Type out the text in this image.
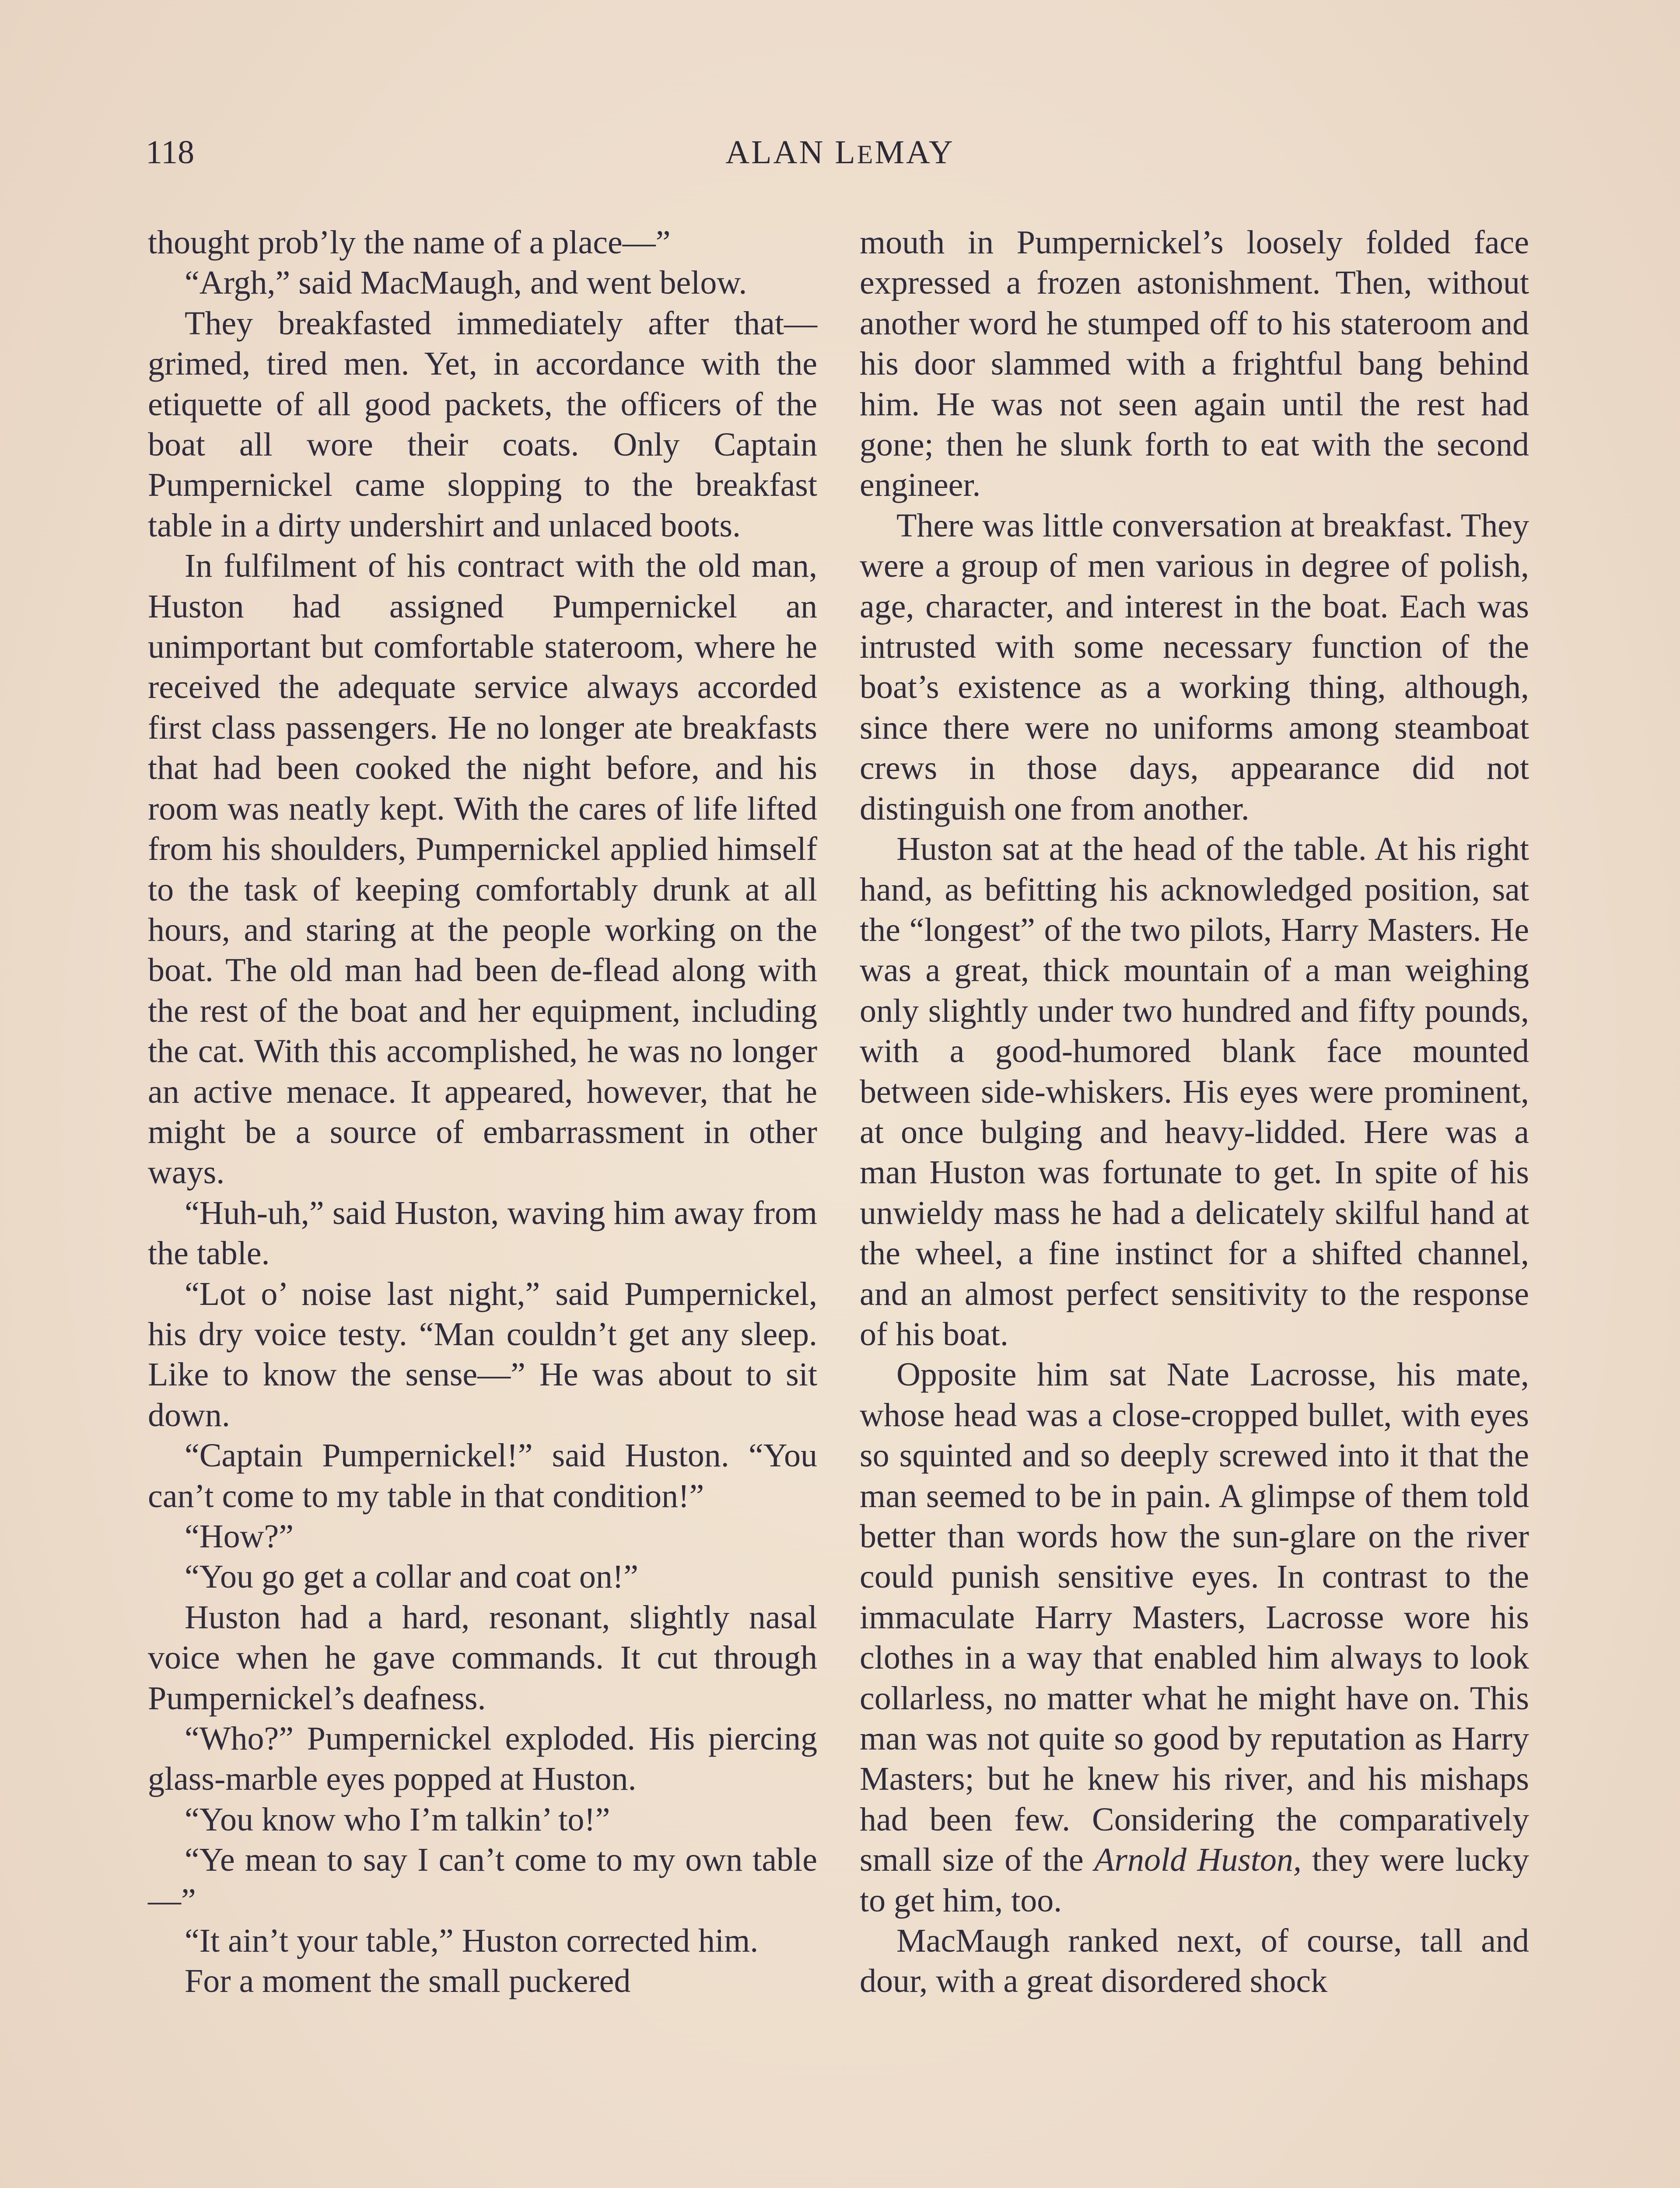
118	ALAN LEMAY

thought prob’ly the name of a place—”

“Argh,” said MacMaugh, and went below.

They breakfasted immediately after that—grimed, tired men. Yet, in accordance with the etiquette of all good packets, the officers of the boat all wore their coats. Only Captain Pumpernickel came slopping to the breakfast table in a dirty undershirt and unlaced boots.

In fulfilment of his contract with the old man, Huston had assigned Pumpernickel an unimportant but comfortable stateroom, where he received the adequate service always accorded first class passengers. He no longer ate breakfasts that had been cooked the night before, and his room was neatly kept. With the cares of life lifted from his shoulders, Pumpernickel applied himself to the task of keeping comfortably drunk at all hours, and staring at the people working on the boat. The old man had been de-flead along with the rest of the boat and her equipment, including the cat. With this accomplished, he was no longer an active menace. It appeared, however, that he might be a source of embarrassment in other ways.

“Huh-uh,” said Huston, waving him away from the table.

“Lot o’ noise last night,” said Pumpernickel, his dry voice testy. “Man couldn’t get any sleep. Like to know the sense—” He was about to sit down.

“Captain Pumpernickel!” said Huston. “You can’t come to my table in that condition!”

“How?”

“You go get a collar and coat on!”

Huston had a hard, resonant, slightly nasal voice when he gave commands. It cut through Pumpernickel’s deafness.

“Who?” Pumpernickel exploded. His piercing glass-marble eyes popped at Huston.

“You know who I’m talkin’ to!”

“Ye mean to say I can’t come to my own table—”

“It ain’t your table,” Huston corrected him.

For a moment the small puckered

mouth in Pumpernickel’s loosely folded face expressed a frozen astonishment. Then, without another word he stumped off to his stateroom and his door slammed with a frightful bang behind him. He was not seen again until the rest had gone; then he slunk forth to eat with the second engineer.

There was little conversation at breakfast. They were a group of men various in degree of polish, age, character, and interest in the boat. Each was intrusted with some necessary function of the boat’s existence as a working thing, although, since there were no uniforms among steamboat crews in those days, appearance did not distinguish one from another.

Huston sat at the head of the table. At his right hand, as befitting his acknowledged position, sat the “longest” of the two pilots, Harry Masters. He was a great, thick mountain of a man weighing only slightly under two hundred and fifty pounds, with a good-humored blank face mounted between side-whiskers. His eyes were prominent, at once bulging and heavy-lidded. Here was a man Huston was fortunate to get. In spite of his unwieldy mass he had a delicately skilful hand at the wheel, a fine instinct for a shifted channel, and an almost perfect sensitivity to the response of his boat.

Opposite him sat Nate Lacrosse, his mate, whose head was a close-cropped bullet, with eyes so squinted and so deeply screwed into it that the man seemed to be in pain. A glimpse of them told better than words how the sun-glare on the river could punish sensitive eyes. In contrast to the immaculate Harry Masters, Lacrosse wore his clothes in a way that enabled him always to look collarless, no matter what he might have on. This man was not quite so good by reputation as Harry Masters; but he knew his river, and his mishaps had been few. Considering the comparatively small size of the Arnold Huston, they were lucky to get him, too.

MacMaugh ranked next, of course, tall and dour, with a great disordered shock
